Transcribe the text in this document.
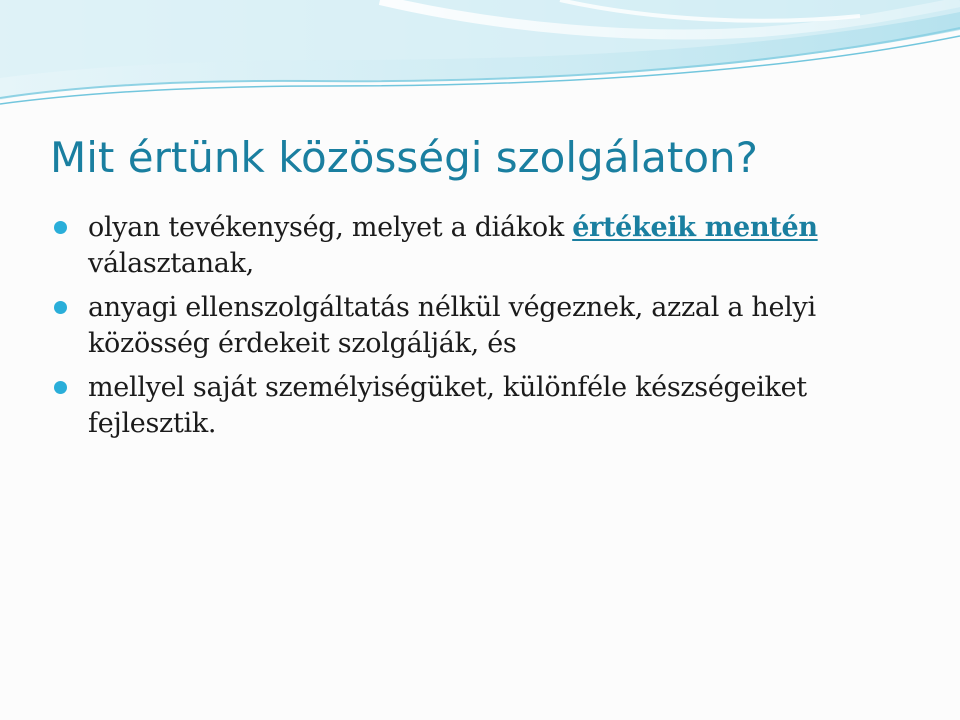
Mit értünk közösségi szolgálaton?
olyan tevékenység, melyet a diákok értékeik mentén választanak,
anyagi ellenszolgáltatás nélkül végeznek, azzal a helyi közösség érdekeit szolgálják, és
mellyel saját személyiségüket, különféle készségeiket fejlesztik.
